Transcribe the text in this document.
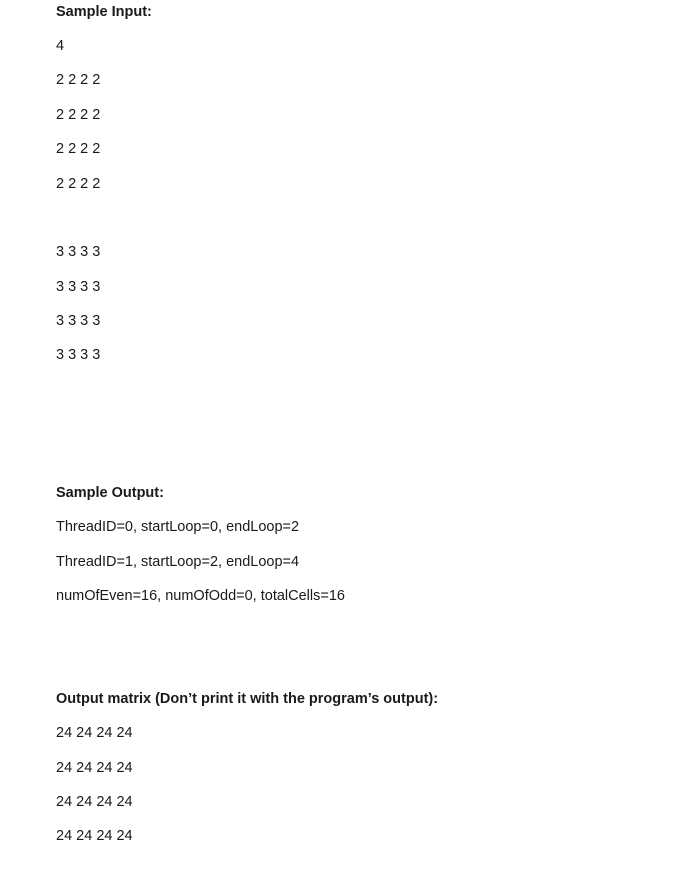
Sample Input:
4
2 2 2 2
2 2 2 2
2 2 2 2
2 2 2 2
3 3 3 3
3 3 3 3
3 3 3 3
3 3 3 3
Sample Output:
ThreadID=0, startLoop=0, endLoop=2
ThreadID=1, startLoop=2, endLoop=4
numOfEven=16, numOfOdd=0, totalCells=16
Output matrix (Don’t print it with the program’s output):
24 24 24 24
24 24 24 24
24 24 24 24
24 24 24 24
